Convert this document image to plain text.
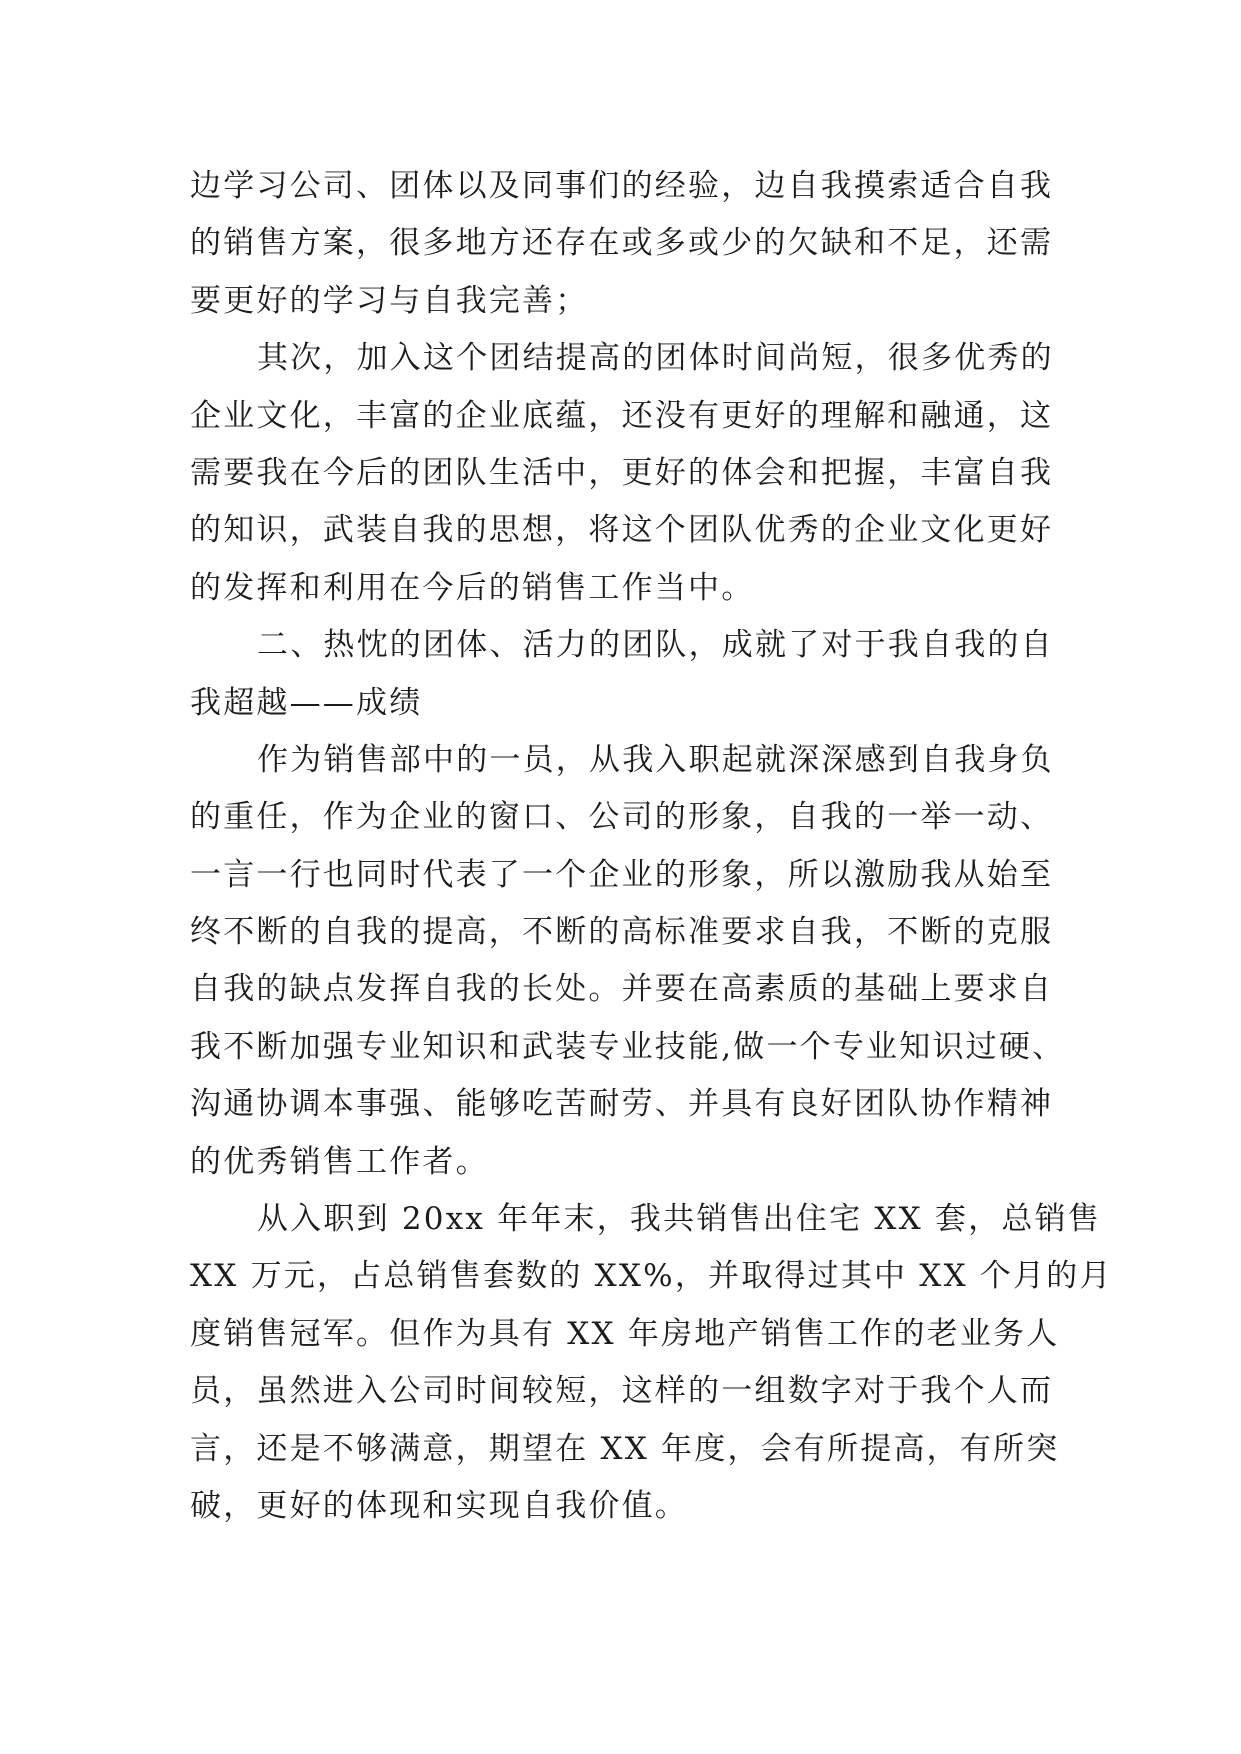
边学习公司、团体以及同事们的经验，边自我摸索适合自我
的销售方案，很多地方还存在或多或少的欠缺和不足，还需
要更好的学习与自我完善；
其次，加入这个团结提高的团体时间尚短，很多优秀的
企业文化，丰富的企业底蕴，还没有更好的理解和融通，这
需要我在今后的团队生活中，更好的体会和把握，丰富自我
的知识，武装自我的思想，将这个团队优秀的企业文化更好
的发挥和利用在今后的销售工作当中。
二、热忱的团体、活力的团队，成就了对于我自我的自
我超越——成绩
作为销售部中的一员，从我入职起就深深感到自我身负
的重任，作为企业的窗口、公司的形象，自我的一举一动、
一言一行也同时代表了一个企业的形象，所以激励我从始至
终不断的自我的提高，不断的高标准要求自我，不断的克服
自我的缺点发挥自我的长处。并要在高素质的基础上要求自
我不断加强专业知识和武装专业技能,做一个专业知识过硬、
沟通协调本事强、能够吃苦耐劳、并具有良好团队协作精神
的优秀销售工作者。
从入职到 20xx 年年末，我共销售出住宅 XX 套，总销售
XX 万元，占总销售套数的 XX%，并取得过其中 XX 个月的月
度销售冠军。但作为具有 XX 年房地产销售工作的老业务人
员，虽然进入公司时间较短，这样的一组数字对于我个人而
言，还是不够满意，期望在 XX 年度，会有所提高，有所突
破，更好的体现和实现自我价值。
